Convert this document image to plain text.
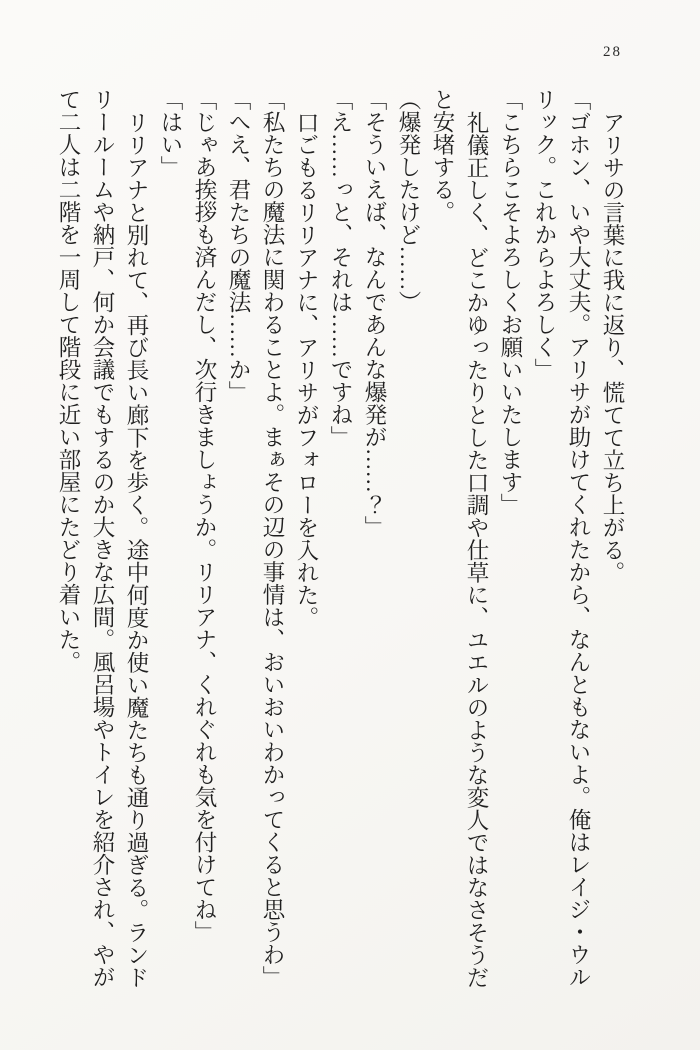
28

アリサの言葉に我に返り、慌てて立ち上がる。

「ゴホン、いや大丈夫。アリサが助けてくれたから、なんともないよ。俺はレイジ・ウルリック。これからよろしく」

「こちらこそよろしくお願いいたします」

礼儀正しく、どこかゆったりとした口調や仕草に、ユエルのような変人ではなさそうだと安堵する。

（爆発したけど……）

「そういえば、なんであんな爆発が……？」

「え……っと、それは……ですね」

口ごもるリリアナに、アリサがフォローを入れた。

「私たちの魔法に関わることよ。まぁその辺の事情は、おいおいわかってくると思うわ」

「へえ、君たちの魔法……か」

「じゃあ挨拶も済んだし、次行きましょうか。リリアナ、くれぐれも気を付けてね」

「はい」

リリアナと別れて、再び長い廊下を歩く。途中何度か使い魔たちも通り過ぎる。ランドリールームや納戸、何か会議でもするのか大きな広間。風呂場やトイレを紹介され、やがて二人は二階を一周して階段に近い部屋にたどり着いた。
